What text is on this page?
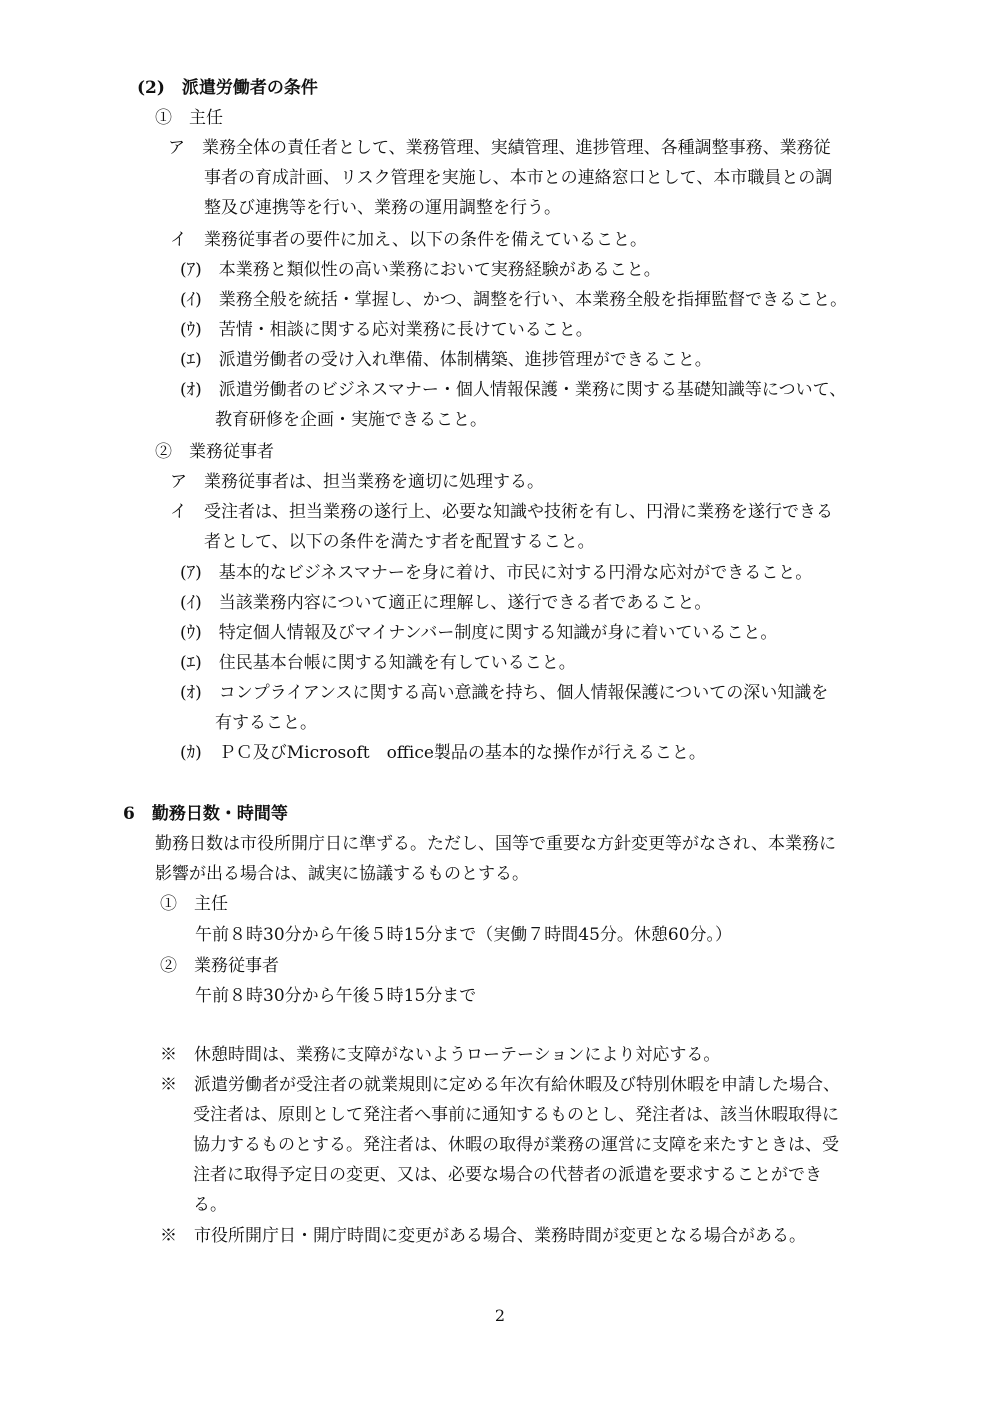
(2)　派遣労働者の条件
①　主任
ア　業務全体の責任者として、業務管理、実績管理、進捗管理、各種調整事務、業務従
事者の育成計画、リスク管理を実施し、本市との連絡窓口として、本市職員との調
整及び連携等を行い、業務の運用調整を行う。
イ　業務従事者の要件に加え、以下の条件を備えていること。
(ｱ)　本業務と類似性の高い業務において実務経験があること。
(ｲ)　業務全般を統括・掌握し、かつ、調整を行い、本業務全般を指揮監督できること。
(ｳ)　苦情・相談に関する応対業務に長けていること。
(ｴ)　派遣労働者の受け入れ準備、体制構築、進捗管理ができること。
(ｵ)　派遣労働者のビジネスマナー・個人情報保護・業務に関する基礎知識等について、
教育研修を企画・実施できること。
②　業務従事者
ア　業務従事者は、担当業務を適切に処理する。
イ　受注者は、担当業務の遂行上、必要な知識や技術を有し、円滑に業務を遂行できる
者として、以下の条件を満たす者を配置すること。
(ｱ)　基本的なビジネスマナーを身に着け、市民に対する円滑な応対ができること。
(ｲ)　当該業務内容について適正に理解し、遂行できる者であること。
(ｳ)　特定個人情報及びマイナンバー制度に関する知識が身に着いていること。
(ｴ)　住民基本台帳に関する知識を有していること。
(ｵ)　コンプライアンスに関する高い意識を持ち、個人情報保護についての深い知識を
有すること。
(ｶ)　ＰＣ及びMicrosoft　office製品の基本的な操作が行えること。
6　勤務日数・時間等
勤務日数は市役所開庁日に準ずる。ただし、国等で重要な方針変更等がなされ、本業務に
影響が出る場合は、誠実に協議するものとする。
①　主任
午前８時30分から午後５時15分まで（実働７時間45分。休憩60分。）
②　業務従事者
午前８時30分から午後５時15分まで
※　休憩時間は、業務に支障がないようローテーションにより対応する。
※　派遣労働者が受注者の就業規則に定める年次有給休暇及び特別休暇を申請した場合、
受注者は、原則として発注者へ事前に通知するものとし、発注者は、該当休暇取得に
協力するものとする。発注者は、休暇の取得が業務の運営に支障を来たすときは、受
注者に取得予定日の変更、又は、必要な場合の代替者の派遣を要求することができ
る。
※　市役所開庁日・開庁時間に変更がある場合、業務時間が変更となる場合がある。
2
